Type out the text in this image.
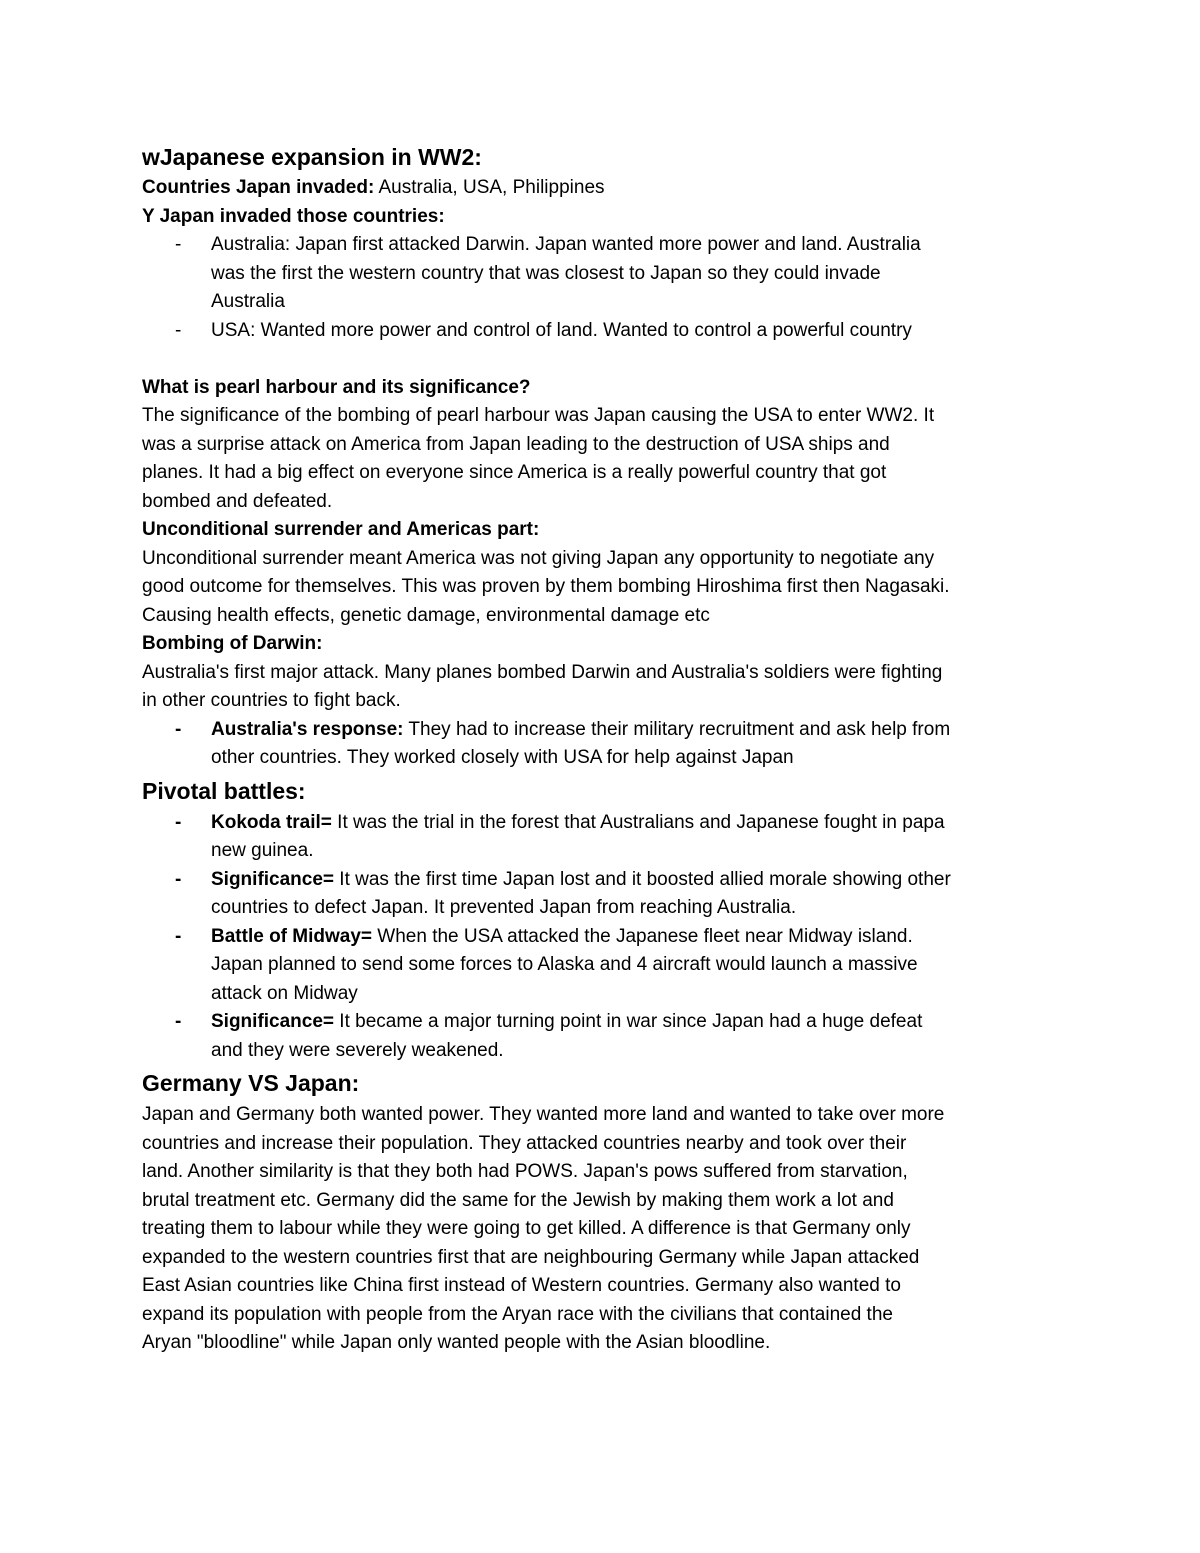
wJapanese expansion in WW2:
Countries Japan invaded: Australia, USA, Philippines
Y Japan invaded those countries:
- Australia: Japan first attacked Darwin. Japan wanted more power and land. Australia
was the first the western country that was closest to Japan so they could invade
Australia
- USA: Wanted more power and control of land. Wanted to control a powerful country
What is pearl harbour and its significance?
The significance of the bombing of pearl harbour was Japan causing the USA to enter WW2. It
was a surprise attack on America from Japan leading to the destruction of USA ships and
planes. It had a big effect on everyone since America is a really powerful country that got
bombed and defeated.
Unconditional surrender and Americas part:
Unconditional surrender meant America was not giving Japan any opportunity to negotiate any
good outcome for themselves. This was proven by them bombing Hiroshima first then Nagasaki.
Causing health effects, genetic damage, environmental damage etc
Bombing of Darwin:
Australia's first major attack. Many planes bombed Darwin and Australia's soldiers were fighting
in other countries to fight back.
- Australia's response: They had to increase their military recruitment and ask help from
other countries. They worked closely with USA for help against Japan
Pivotal battles:
- Kokoda trail= It was the trial in the forest that Australians and Japanese fought in papa
new guinea.
- Significance= It was the first time Japan lost and it boosted allied morale showing other
countries to defect Japan. It prevented Japan from reaching Australia.
- Battle of Midway= When the USA attacked the Japanese fleet near Midway island.
Japan planned to send some forces to Alaska and 4 aircraft would launch a massive
attack on Midway
- Significance= It became a major turning point in war since Japan had a huge defeat
and they were severely weakened.
Germany VS Japan:
Japan and Germany both wanted power. They wanted more land and wanted to take over more
countries and increase their population. They attacked countries nearby and took over their
land. Another similarity is that they both had POWS. Japan's pows suffered from starvation,
brutal treatment etc. Germany did the same for the Jewish by making them work a lot and
treating them to labour while they were going to get killed. A difference is that Germany only
expanded to the western countries first that are neighbouring Germany while Japan attacked
East Asian countries like China first instead of Western countries. Germany also wanted to
expand its population with people from the Aryan race with the civilians that contained the
Aryan "bloodline" while Japan only wanted people with the Asian bloodline.
